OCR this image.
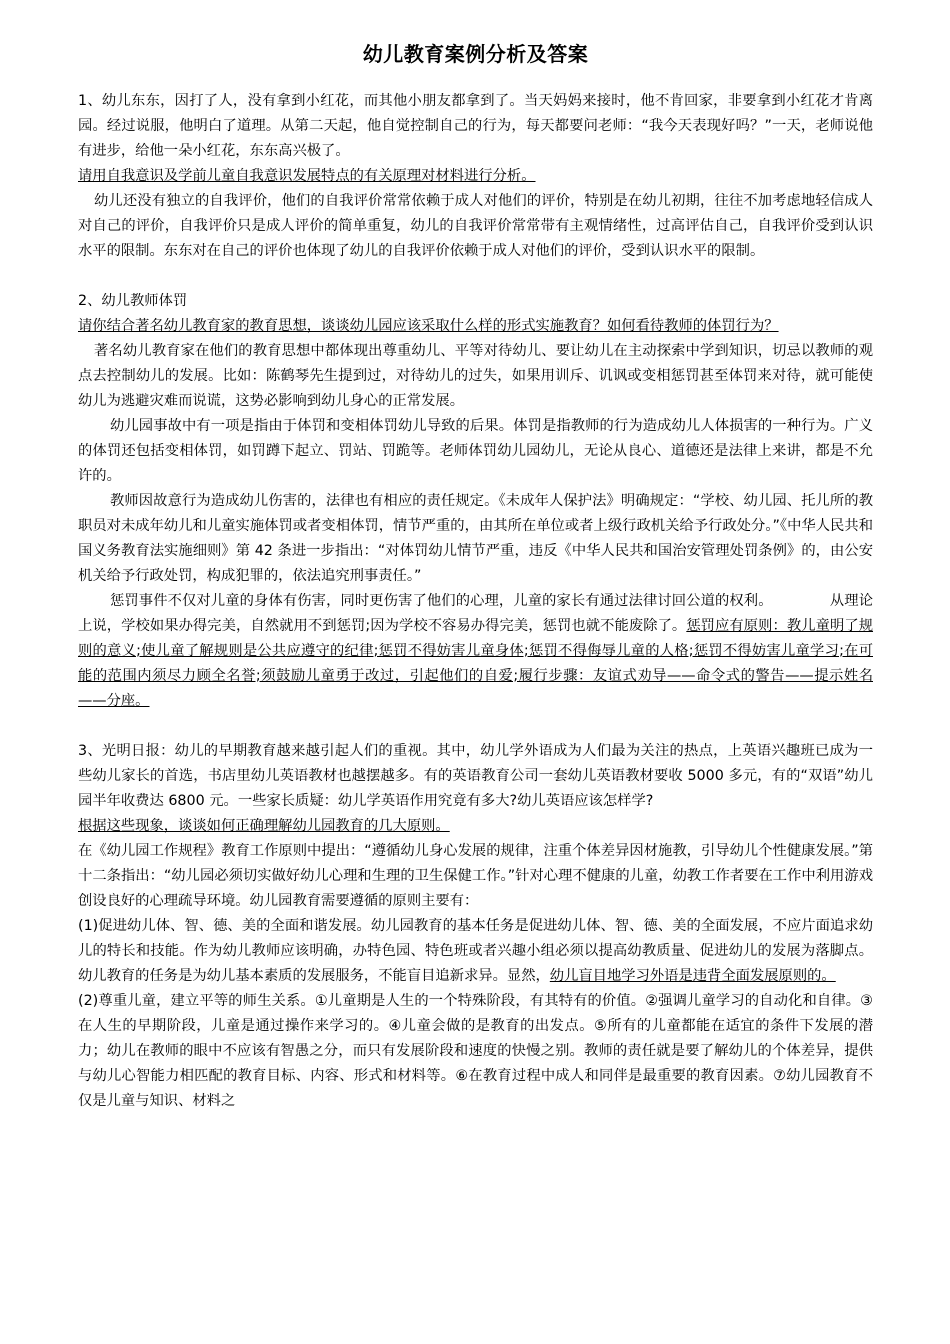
幼儿教育案例分析及答案

1、幼儿东东，因打了人，没有拿到小红花，而其他小朋友都拿到了。当天妈妈来接时，他不肯回家，非要拿到小红花才肯离园。经过说服，他明白了道理。从第二天起，他自觉控制自己的行为，每天都要问老师：“我今天表现好吗？”一天，老师说他有进步，给他一朵小红花，东东高兴极了。

请用自我意识及学前儿童自我意识发展特点的有关原理对材料进行分析。

幼儿还没有独立的自我评价，他们的自我评价常常依赖于成人对他们的评价，特别是在幼儿初期，往往不加考虑地轻信成人对自己的评价，自我评价只是成人评价的简单重复，幼儿的自我评价常常带有主观情绪性，过高评估自己，自我评价受到认识水平的限制。东东对在自己的评价也体现了幼儿的自我评价依赖于成人对他们的评价，受到认识水平的限制。

2、幼儿教师体罚

请你结合著名幼儿教育家的教育思想，谈谈幼儿园应该采取什么样的形式实施教育？如何看待教师的体罚行为？

著名幼儿教育家在他们的教育思想中都体现出尊重幼儿、平等对待幼儿、要让幼儿在主动探索中学到知识，切忌以教师的观点去控制幼儿的发展。比如：陈鹤琴先生提到过，对待幼儿的过失，如果用训斥、讥讽或变相惩罚甚至体罚来对待，就可能使幼儿为逃避灾难而说谎，这势必影响到幼儿身心的正常发展。

幼儿园事故中有一项是指由于体罚和变相体罚幼儿导致的后果。体罚是指教师的行为造成幼儿人体损害的一种行为。广义的体罚还包括变相体罚，如罚蹲下起立、罚站、罚跪等。老师体罚幼儿园幼儿，无论从良心、道德还是法律上来讲，都是不允许的。

教师因故意行为造成幼儿伤害的，法律也有相应的责任规定。《未成年人保护法》明确规定：“学校、幼儿园、托儿所的教职员对未成年幼儿和儿童实施体罚或者变相体罚，情节严重的，由其所在单位或者上级行政机关给予行政处分。”《中华人民共和国义务教育法实施细则》第 42 条进一步指出：“对体罚幼儿情节严重，违反《中华人民共和国治安管理处罚条例》的，由公安机关给予行政处罚，构成犯罪的，依法追究刑事责任。”

惩罚事件不仅对儿童的身体有伤害，同时更伤害了他们的心理，儿童的家长有通过法律讨回公道的权利。    	从理论上说，学校如果办得完美，自然就用不到惩罚;因为学校不容易办得完美，惩罚也就不能废除了。惩罚应有原则：教儿童明了规则的意义;使儿童了解规则是公共应遵守的纪律;惩罚不得妨害儿童身体;惩罚不得侮辱儿童的人格;惩罚不得妨害儿童学习;在可能的范围内须尽力顾全名誉;须鼓励儿童勇于改过，引起他们的自爱;履行步骤：友谊式劝导——命令式的警告——提示姓名——分座。

3、光明日报：幼儿的早期教育越来越引起人们的重视。其中，幼儿学外语成为人们最为关注的热点，上英语兴趣班已成为一些幼儿家长的首选，书店里幼儿英语教材也越摆越多。有的英语教育公司一套幼儿英语教材要收 5000 多元，有的“双语”幼儿园半年收费达 6800 元。一些家长质疑：幼儿学英语作用究竟有多大?幼儿英语应该怎样学?

根据这些现象，谈谈如何正确理解幼儿园教育的几大原则。

在《幼儿园工作规程》教育工作原则中提出：“遵循幼儿身心发展的规律，注重个体差异因材施教，引导幼儿个性健康发展。”第十二条指出：“幼儿园必须切实做好幼儿心理和生理的卫生保健工作。”针对心理不健康的儿童，幼教工作者要在工作中利用游戏创设良好的心理疏导环境。幼儿园教育需要遵循的原则主要有：

(1)促进幼儿体、智、德、美的全面和谐发展。幼儿园教育的基本任务是促进幼儿体、智、德、美的全面发展，不应片面追求幼儿的特长和技能。作为幼儿教师应该明确，办特色园、特色班或者兴趣小组必须以提高幼教质量、促进幼儿的发展为落脚点。幼儿教育的任务是为幼儿基本素质的发展服务，不能盲目追新求异。显然，幼儿盲目地学习外语是违背全面发展原则的。

(2)尊重儿童，建立平等的师生关系。①儿童期是人生的一个特殊阶段，有其特有的价值。②强调儿童学习的自动化和自律。③在人生的早期阶段，儿童是通过操作来学习的。④儿童会做的是教育的出发点。⑤所有的儿童都能在适宜的条件下发展的潜力；幼儿在教师的眼中不应该有智愚之分，而只有发展阶段和速度的快慢之别。教师的责任就是要了解幼儿的个体差异，提供与幼儿心智能力相匹配的教育目标、内容、形式和材料等。⑥在教育过程中成人和同伴是最重要的教育因素。⑦幼儿园教育不仅是儿童与知识、材料之
